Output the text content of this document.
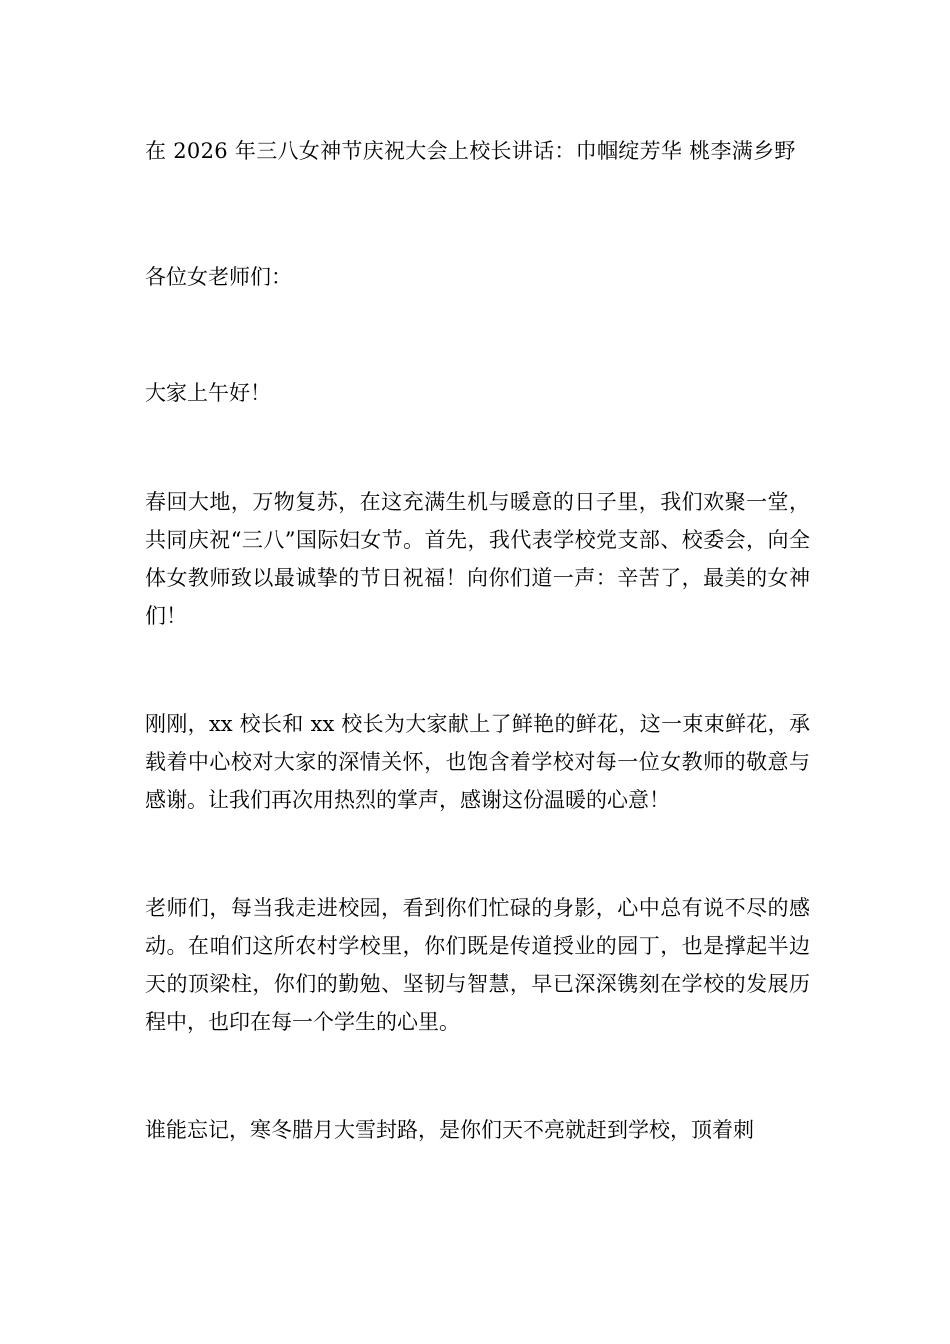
在 2026 年三八女神节庆祝大会上校长讲话：巾帼绽芳华 桃李满乡野

各位女老师们：

大家上午好！

春回大地，万物复苏，在这充满生机与暖意的日子里，我们欢聚一堂，共同庆祝“三八”国际妇女节。首先，我代表学校党支部、校委会，向全体女教师致以最诚挚的节日祝福！向你们道一声：辛苦了，最美的女神们！

刚刚，xx 校长和 xx 校长为大家献上了鲜艳的鲜花，这一束束鲜花，承载着中心校对大家的深情关怀，也饱含着学校对每一位女教师的敬意与感谢。让我们再次用热烈的掌声，感谢这份温暖的心意！

老师们，每当我走进校园，看到你们忙碌的身影，心中总有说不尽的感动。在咱们这所农村学校里，你们既是传道授业的园丁，也是撑起半边天的顶梁柱，你们的勤勉、坚韧与智慧，早已深深镌刻在学校的发展历程中，也印在每一个学生的心里。

谁能忘记，寒冬腊月大雪封路，是你们天不亮就赶到学校，顶着刺
